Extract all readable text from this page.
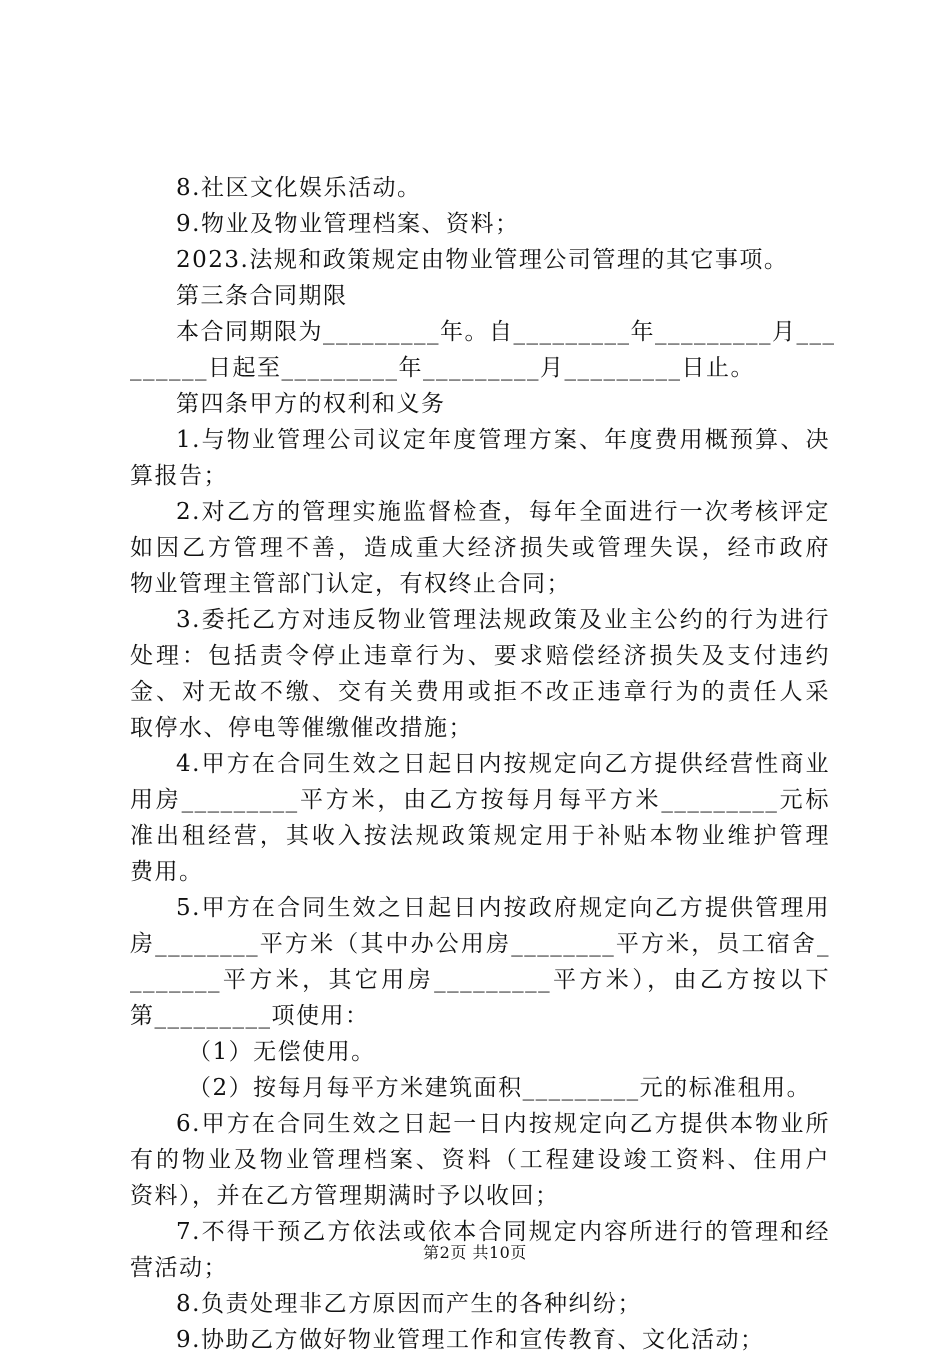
8.社区文化娱乐活动。
9.物业及物业管理档案、资料；
2023.法规和政策规定由物业管理公司管理的其它事项。
第三条合同期限
本合同期限为_________年。自_________年_________月___
______日起至_________年_________月_________日止。
第四条甲方的权利和义务
1.与物业管理公司议定年度管理方案、年度费用概预算、决
算报告；
2.对乙方的管理实施监督检查，每年全面进行一次考核评定
如因乙方管理不善，造成重大经济损失或管理失误，经市政府
物业管理主管部门认定，有权终止合同；
3.委托乙方对违反物业管理法规政策及业主公约的行为进行
处理：包括责令停止违章行为、要求赔偿经济损失及支付违约
金、对无故不缴、交有关费用或拒不改正违章行为的责任人采
取停水、停电等催缴催改措施；
4.甲方在合同生效之日起日内按规定向乙方提供经营性商业
用房_________平方米，由乙方按每月每平方米_________元标
准出租经营，其收入按法规政策规定用于补贴本物业维护管理
费用。
5.甲方在合同生效之日起日内按政府规定向乙方提供管理用
房________平方米（其中办公用房________平方米，员工宿舍_
_______平方米，其它用房_________平方米），由乙方按以下
第_________项使用：
（1）无偿使用。
（2）按每月每平方米建筑面积_________元的标准租用。
6.甲方在合同生效之日起一日内按规定向乙方提供本物业所
有的物业及物业管理档案、资料（工程建设竣工资料、住用户
资料），并在乙方管理期满时予以收回；
7.不得干预乙方依法或依本合同规定内容所进行的管理和经
营活动；
8.负责处理非乙方原因而产生的各种纠纷；
9.协助乙方做好物业管理工作和宣传教育、文化活动；
第2页 共10页
